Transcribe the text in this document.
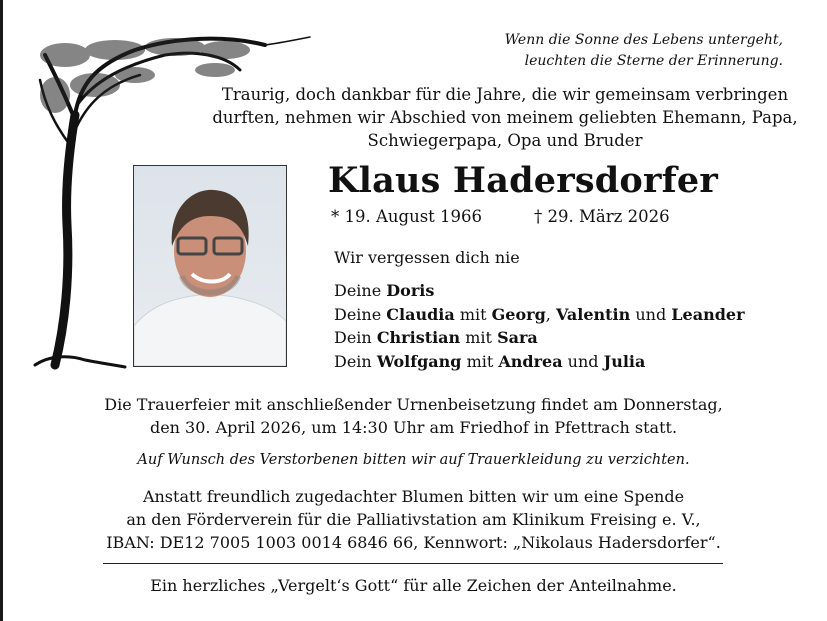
Wenn die Sonne des Lebens untergeht,
leuchten die Sterne der Erinnerung.
Traurig, doch dankbar für die Jahre, die wir gemeinsam verbringen
durften, nehmen wir Abschied von meinem geliebten Ehemann, Papa,
Schwiegerpapa, Opa und Bruder
Klaus Hadersdorfer
* 19. August 1966	† 29. März 2026
Wir vergessen dich nie
Deine Doris
Deine Claudia mit Georg, Valentin und Leander
Dein Christian mit Sara
Dein Wolfgang mit Andrea und Julia
Die Trauerfeier mit anschließender Urnenbeisetzung findet am Donnerstag,
den 30. April 2026, um 14:30 Uhr am Friedhof in Pfettrach statt.
Auf Wunsch des Verstorbenen bitten wir auf Trauerkleidung zu verzichten.
Anstatt freundlich zugedachter Blumen bitten wir um eine Spende
an den Förderverein für die Palliativstation am Klinikum Freising e. V.,
IBAN: DE12 7005 1003 0014 6846 66, Kennwort: „Nikolaus Hadersdorfer“.
Ein herzliches „Vergelt‘s Gott“ für alle Zeichen der Anteilnahme.
